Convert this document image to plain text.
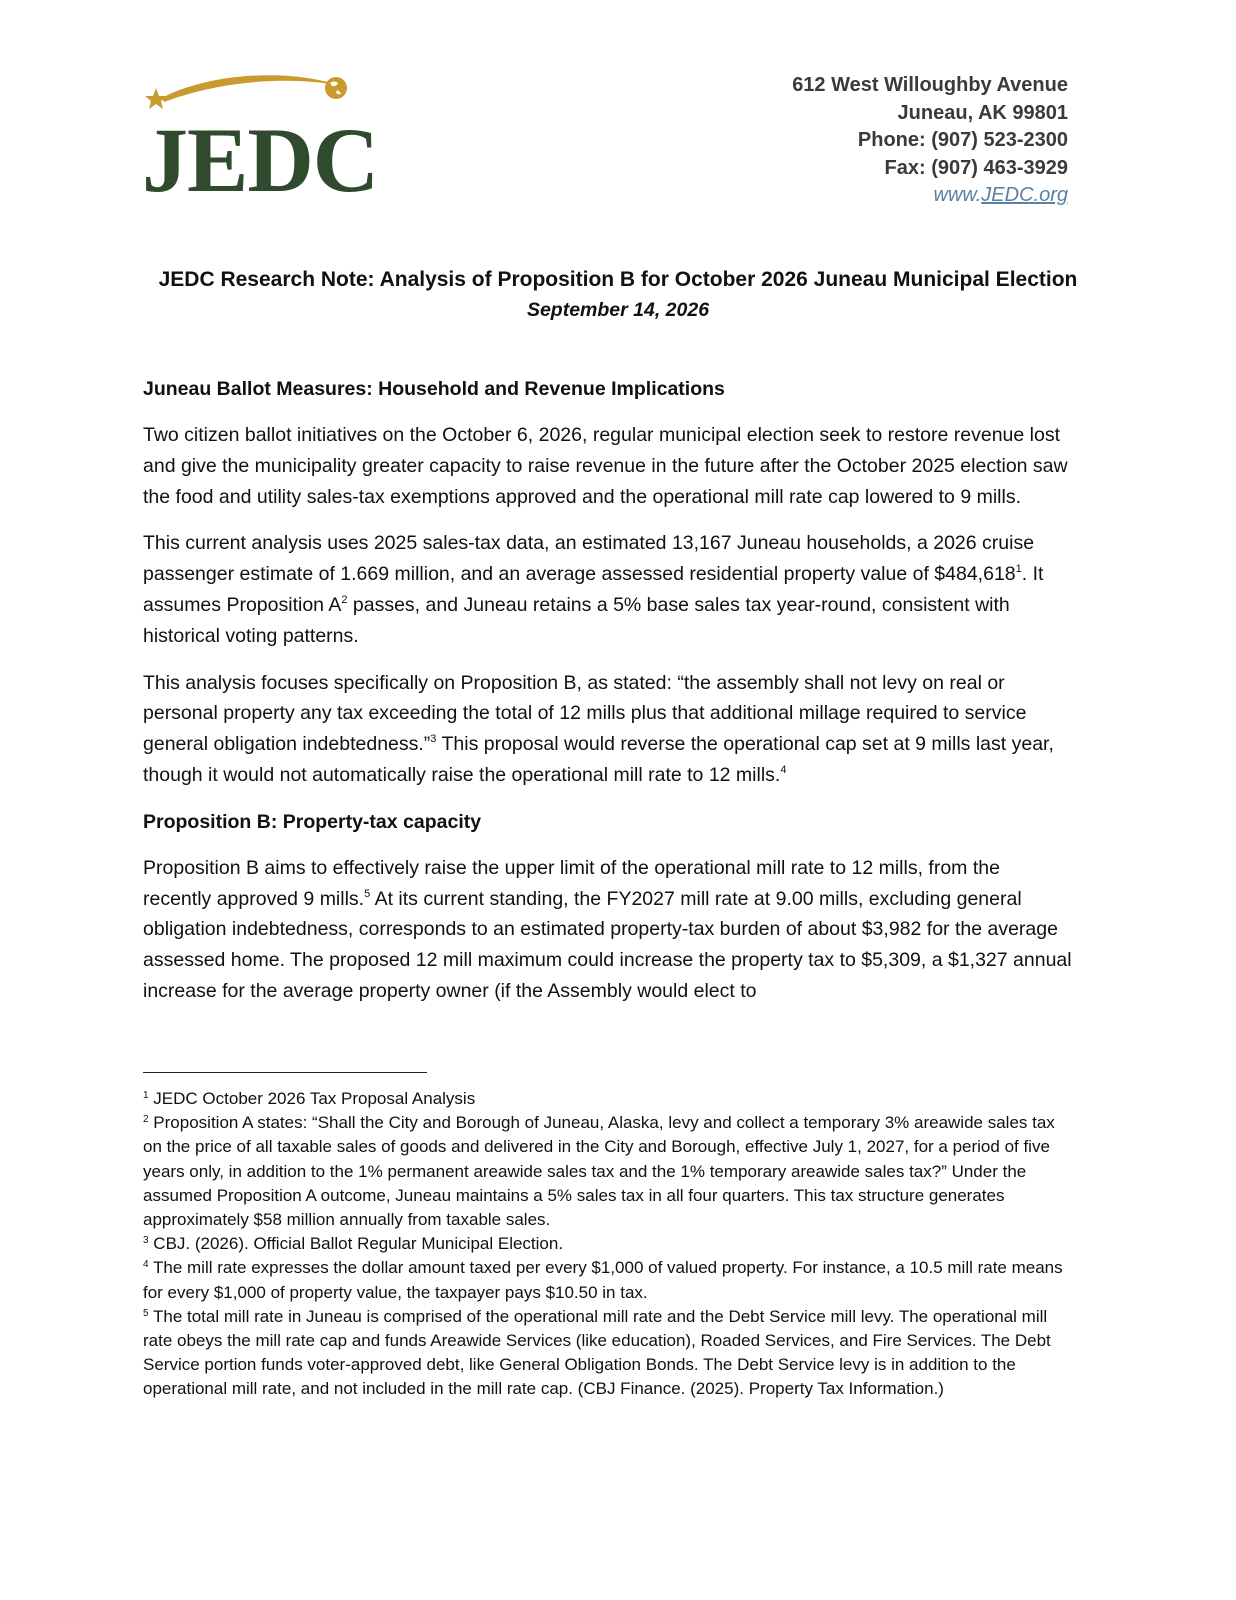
JEDC
612 West Willoughby Avenue
Juneau, AK 99801
Phone: (907) 523-2300
Fax: (907) 463-3929
www.JEDC.org
JEDC Research Note: Analysis of Proposition B for October 2026 Juneau Municipal Election
September 14, 2026
Juneau Ballot Measures: Household and Revenue Implications

Two citizen ballot initiatives on the October 6, 2026, regular municipal election seek to restore revenue lost and give the municipality greater capacity to raise revenue in the future after the October 2025 election saw the food and utility sales-tax exemptions approved and the operational mill rate cap lowered to 9 mills.

This current analysis uses 2025 sales-tax data, an estimated 13,167 Juneau households, a 2026 cruise passenger estimate of 1.669 million, and an average assessed residential property value of $484,618$^1$. It assumes Proposition $A^2$ passes, and Juneau retains a 5% base sales tax year-round, consistent with historical voting patterns.

This analysis focuses specifically on Proposition B, as stated: “the assembly shall not levy on real or personal property any tax exceeding the total of 12 mills plus that additional millage required to service general obligation indebtedness.”$^3$ This proposal would reverse the operational cap set at 9 mills last year, though it would not automatically raise the operational mill rate to 12 mills.$^4$

Proposition B: Property-tax capacity

Proposition B aims to effectively raise the upper limit of the operational mill rate to 12 mills, from the recently approved 9 mills.$^5$ At its current standing, the FY2027 mill rate at 9.00 mills, excluding general obligation indebtedness, corresponds to an estimated property-tax burden of about $3,982 for the average assessed home. The proposed 12 mill maximum could increase the property tax to $5,309, a $1,327 annual increase for the average property owner (if the Assembly would elect to

$^1$ JEDC October 2026 Tax Proposal Analysis

$^2$ Proposition A states: “Shall the City and Borough of Juneau, Alaska, levy and collect a temporary 3% areawide sales tax on the price of all taxable sales of goods and delivered in the City and Borough, effective July 1, 2027, for a period of five years only, in addition to the 1% permanent areawide sales tax and the 1% temporary areawide sales tax?” Under the assumed Proposition A outcome, Juneau maintains a 5% sales tax in all four quarters. This tax structure generates approximately $58 million annually from taxable sales.

$^3$ CBJ. (2026). Official Ballot Regular Municipal Election.

$^4$ The mill rate expresses the dollar amount taxed per every $1,000 of valued property. For instance, a 10.5 mill rate means for every $1,000 of property value, the taxpayer pays $10.50 in tax.

$^5$ The total mill rate in Juneau is comprised of the operational mill rate and the Debt Service mill levy. The operational mill rate obeys the mill rate cap and funds Areawide Services (like education), Roaded Services, and Fire Services. The Debt Service portion funds voter-approved debt, like General Obligation Bonds. The Debt Service levy is in addition to the operational mill rate, and not included in the mill rate cap. (CBJ Finance. (2025). Property Tax Information.)
